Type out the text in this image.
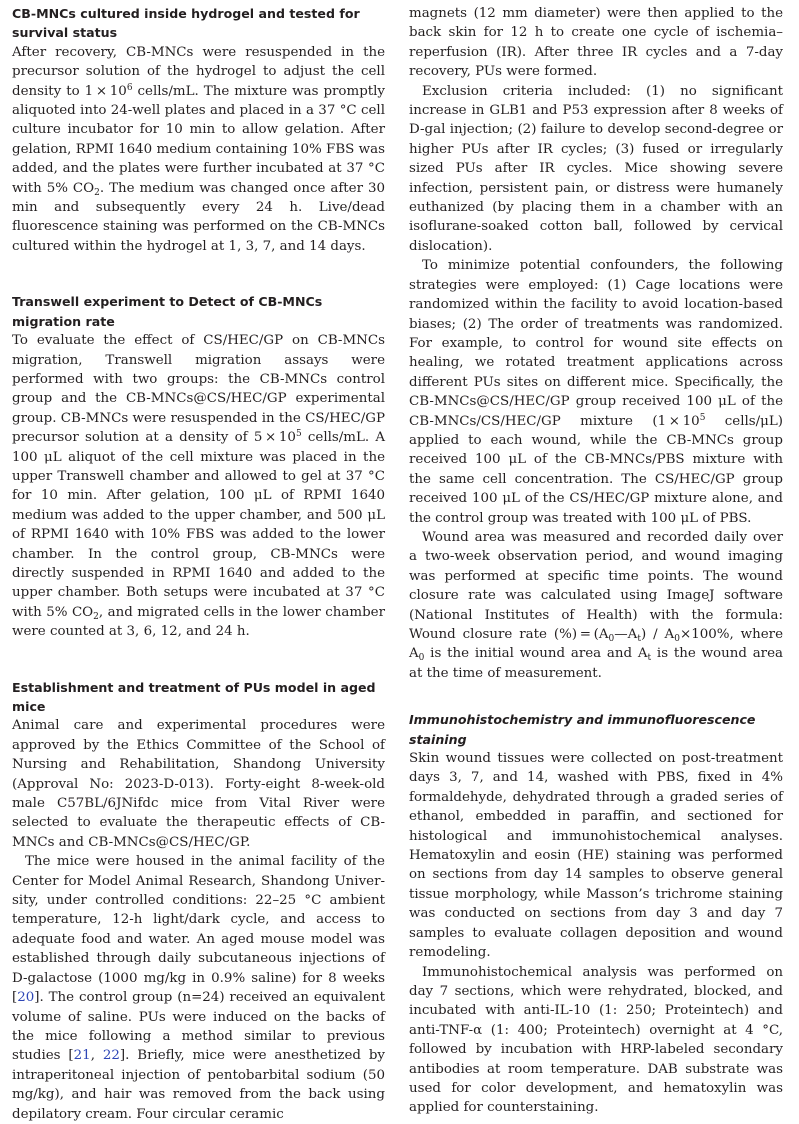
CB-MNCs cultured inside hydrogel and tested for survival status

After recovery, CB-MNCs were resuspended in the precursor solution of the hydrogel to adjust the cell density to $1 \times 10^6$ cells/mL. The mixture was promptly aliquoted into 24-well plates and placed in a 37 °C cell culture incubator for 10 min to allow gelation. After gelation, RPMI 1640 medium containing 10% FBS was added, and the plates were further incubated at 37 °C with 5% $CO_2$. The medium was changed once after 30 min and subsequently every 24 h. Live/dead fluorescence staining was performed on the CB-MNCs cultured within the hydrogel at 1, 3, 7, and 14 days.

Transwell experiment to Detect of CB-MNCs migration rate

To evaluate the effect of CS/HEC/GP on CB-MNCs migration, Transwell migration assays were performed with two groups: the CB-MNCs control group and the CB-MNCs@CS/HEC/GP experimental group. CB-MNCs were resuspended in the CS/HEC/GP precursor solution at a density of $5 \times 10^5$ cells/mL. A 100 μL aliquot of the cell mixture was placed in the upper Transwell chamber and allowed to gel at 37 °C for 10 min. After gelation, 100 μL of RPMI 1640 medium was added to the upper chamber, and 500 μL of RPMI 1640 with 10% FBS was added to the lower chamber. In the control group, CB-MNCs were directly suspended in RPMI 1640 and added to the upper chamber. Both setups were incubated at 37 °C with 5% $CO_2$, and migrated cells in the lower chamber were counted at 3, 6, 12, and 24 h.

Establishment and treatment of PUs model in aged mice

Animal care and experimental procedures were approved by the Ethics Committee of the School of Nursing and Rehabilitation, Shandong University (Approval No: 2023-D-013). Forty-eight 8-week-old male C57BL/6JNifdc mice from Vital River were selected to evaluate the therapeutic effects of CB-MNCs and CB-MNCs@CS/HEC/GP.

The mice were housed in the animal facility of the Center for Model Animal Research, Shandong University, under controlled conditions: 22–25 °C ambient temperature, 12-h light/dark cycle, and access to adequate food and water. An aged mouse model was established through daily subcutaneous injections of D-galactose (1000 mg/kg in 0.9% saline) for 8 weeks [20]. The control group (n=24) received an equivalent volume of saline. PUs were induced on the backs of the mice following a method similar to previous studies [21, 22]. Briefly, mice were anesthetized by intraperitoneal injection of pentobarbital sodium (50 mg/kg), and hair was removed from the back using depilatory cream. Four circular ceramic

magnets (12 mm diameter) were then applied to the back skin for 12 h to create one cycle of ischemia–reperfusion (IR). After three IR cycles and a 7-day recovery, PUs were formed.

Exclusion criteria included: (1) no significant increase in GLB1 and P53 expression after 8 weeks of D-gal injection; (2) failure to develop second-degree or higher PUs after IR cycles; (3) fused or irregularly sized PUs after IR cycles. Mice showing severe infection, persistent pain, or distress were humanely euthanized (by placing them in a chamber with an isoflurane-soaked cotton ball, followed by cervical dislocation).

To minimize potential confounders, the following strategies were employed: (1) Cage locations were randomized within the facility to avoid location-based biases; (2) The order of treatments was randomized. For example, to control for wound site effects on healing, we rotated treatment applications across different PUs sites on different mice. Specifically, the CB-MNCs@CS/HEC/GP group received 100 μL of the CB-MNCs/CS/HEC/GP mixture ($1 \times 10^5$ cells/μL) applied to each wound, while the CB-MNCs group received 100 μL of the CB-MNCs/PBS mixture with the same cell concentration. The CS/HEC/GP group received 100 μL of the CS/HEC/GP mixture alone, and the control group was treated with 100 μL of PBS.

Wound area was measured and recorded daily over a two-week observation period, and wound imaging was performed at specific time points. The wound closure rate was calculated using ImageJ software (National Institutes of Health) with the formula: Wound closure rate (%) = $(A_0—A_t) / A_0\times 100\%$, where $A_0$ is the initial wound area and $A_t$ is the wound area at the time of measurement.

Immunohistochemistry and immunofluorescence staining

Skin wound tissues were collected on post-treatment days 3, 7, and 14, washed with PBS, fixed in 4% formaldehyde, dehydrated through a graded series of ethanol, embedded in paraffin, and sectioned for histological and immunohistochemical analyses. Hematoxylin and eosin (HE) staining was performed on sections from day 14 samples to observe general tissue morphology, while Masson’s trichrome staining was conducted on sections from day 3 and day 7 samples to evaluate collagen deposition and wound remodeling.

Immunohistochemical analysis was performed on day 7 sections, which were rehydrated, blocked, and incubated with anti-IL-10 (1: 250; Proteintech) and anti-TNF-α (1: 400; Proteintech) overnight at 4 °C, followed by incubation with HRP-labeled secondary antibodies at room temperature. DAB substrate was used for color development, and hematoxylin was applied for counterstaining.
